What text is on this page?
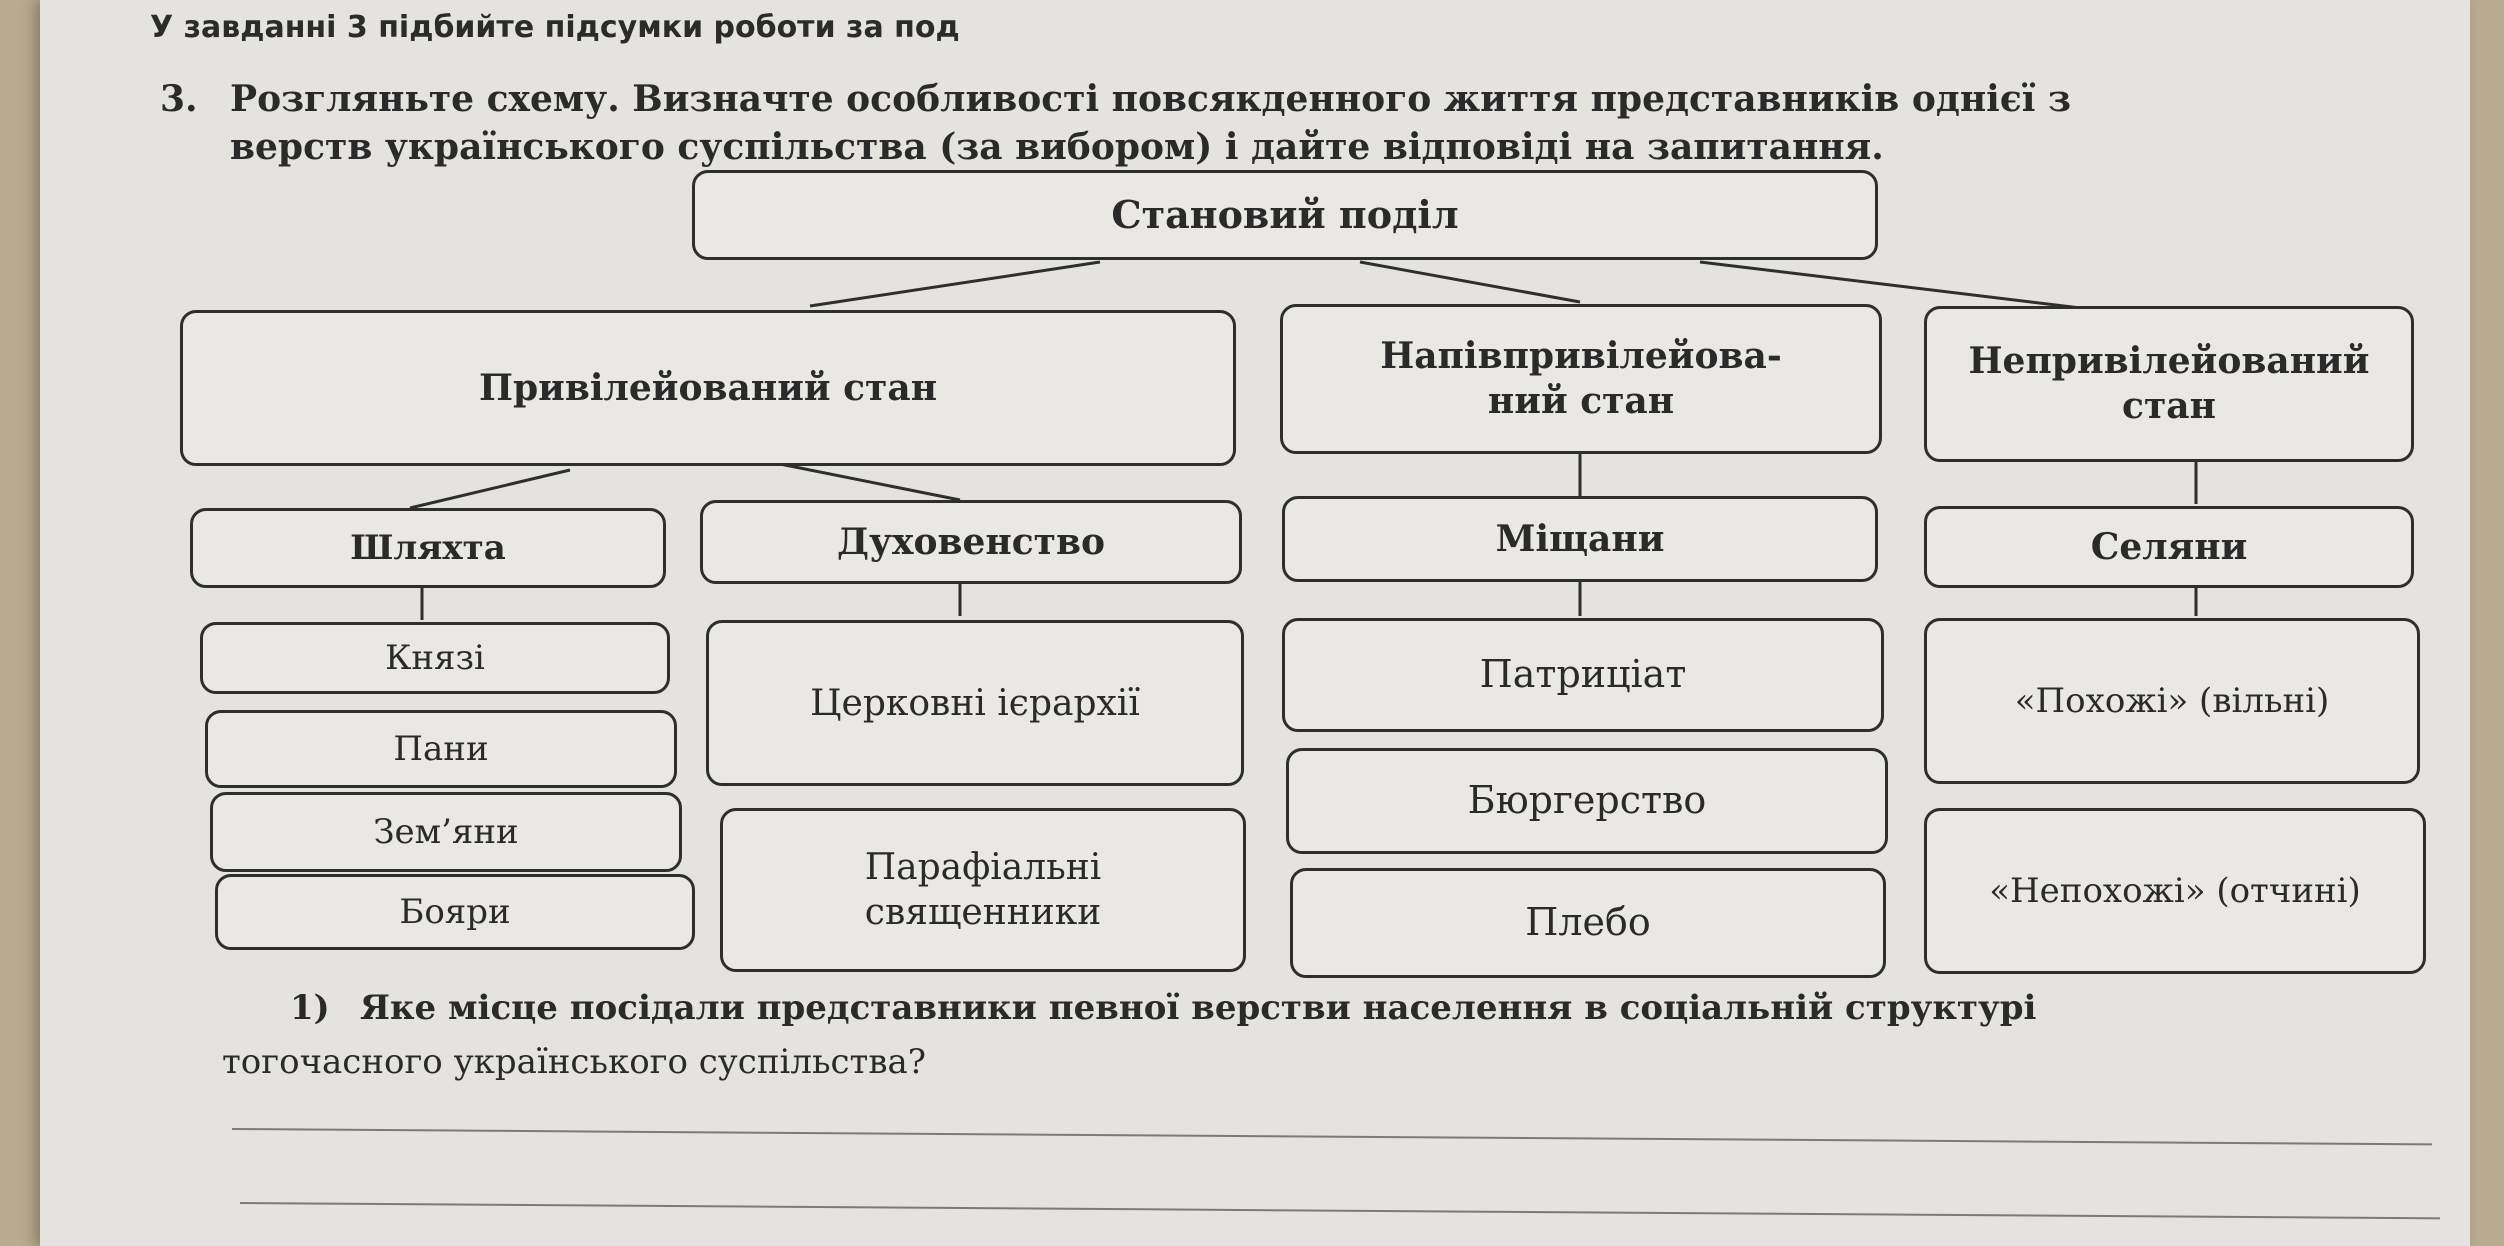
У завданні 3 підбийте підсумки роботи за под
3. Розгляньте схему. Визначте особливості повсякденного життя представників однієї з
верств українського суспільства (за вибором) і дайте відповіді на запитання.
Становий поділ
Привілейований стан
Напівпривілейова-
ний стан
Непривілейований
стан
Шляхта	Духовенство	Міщани	Селяни
Князі
Пани
Зем’яни
Бояри
Церковні ієрархії
Парафіальні
священники
Патриціат
Бюргерство
Плебо
«Похожі» (вільні)
«Непохожі» (отчині)
1) Яке місце посідали представники певної верстви населення в соціальній структурі
тогочасного українського суспільства?
